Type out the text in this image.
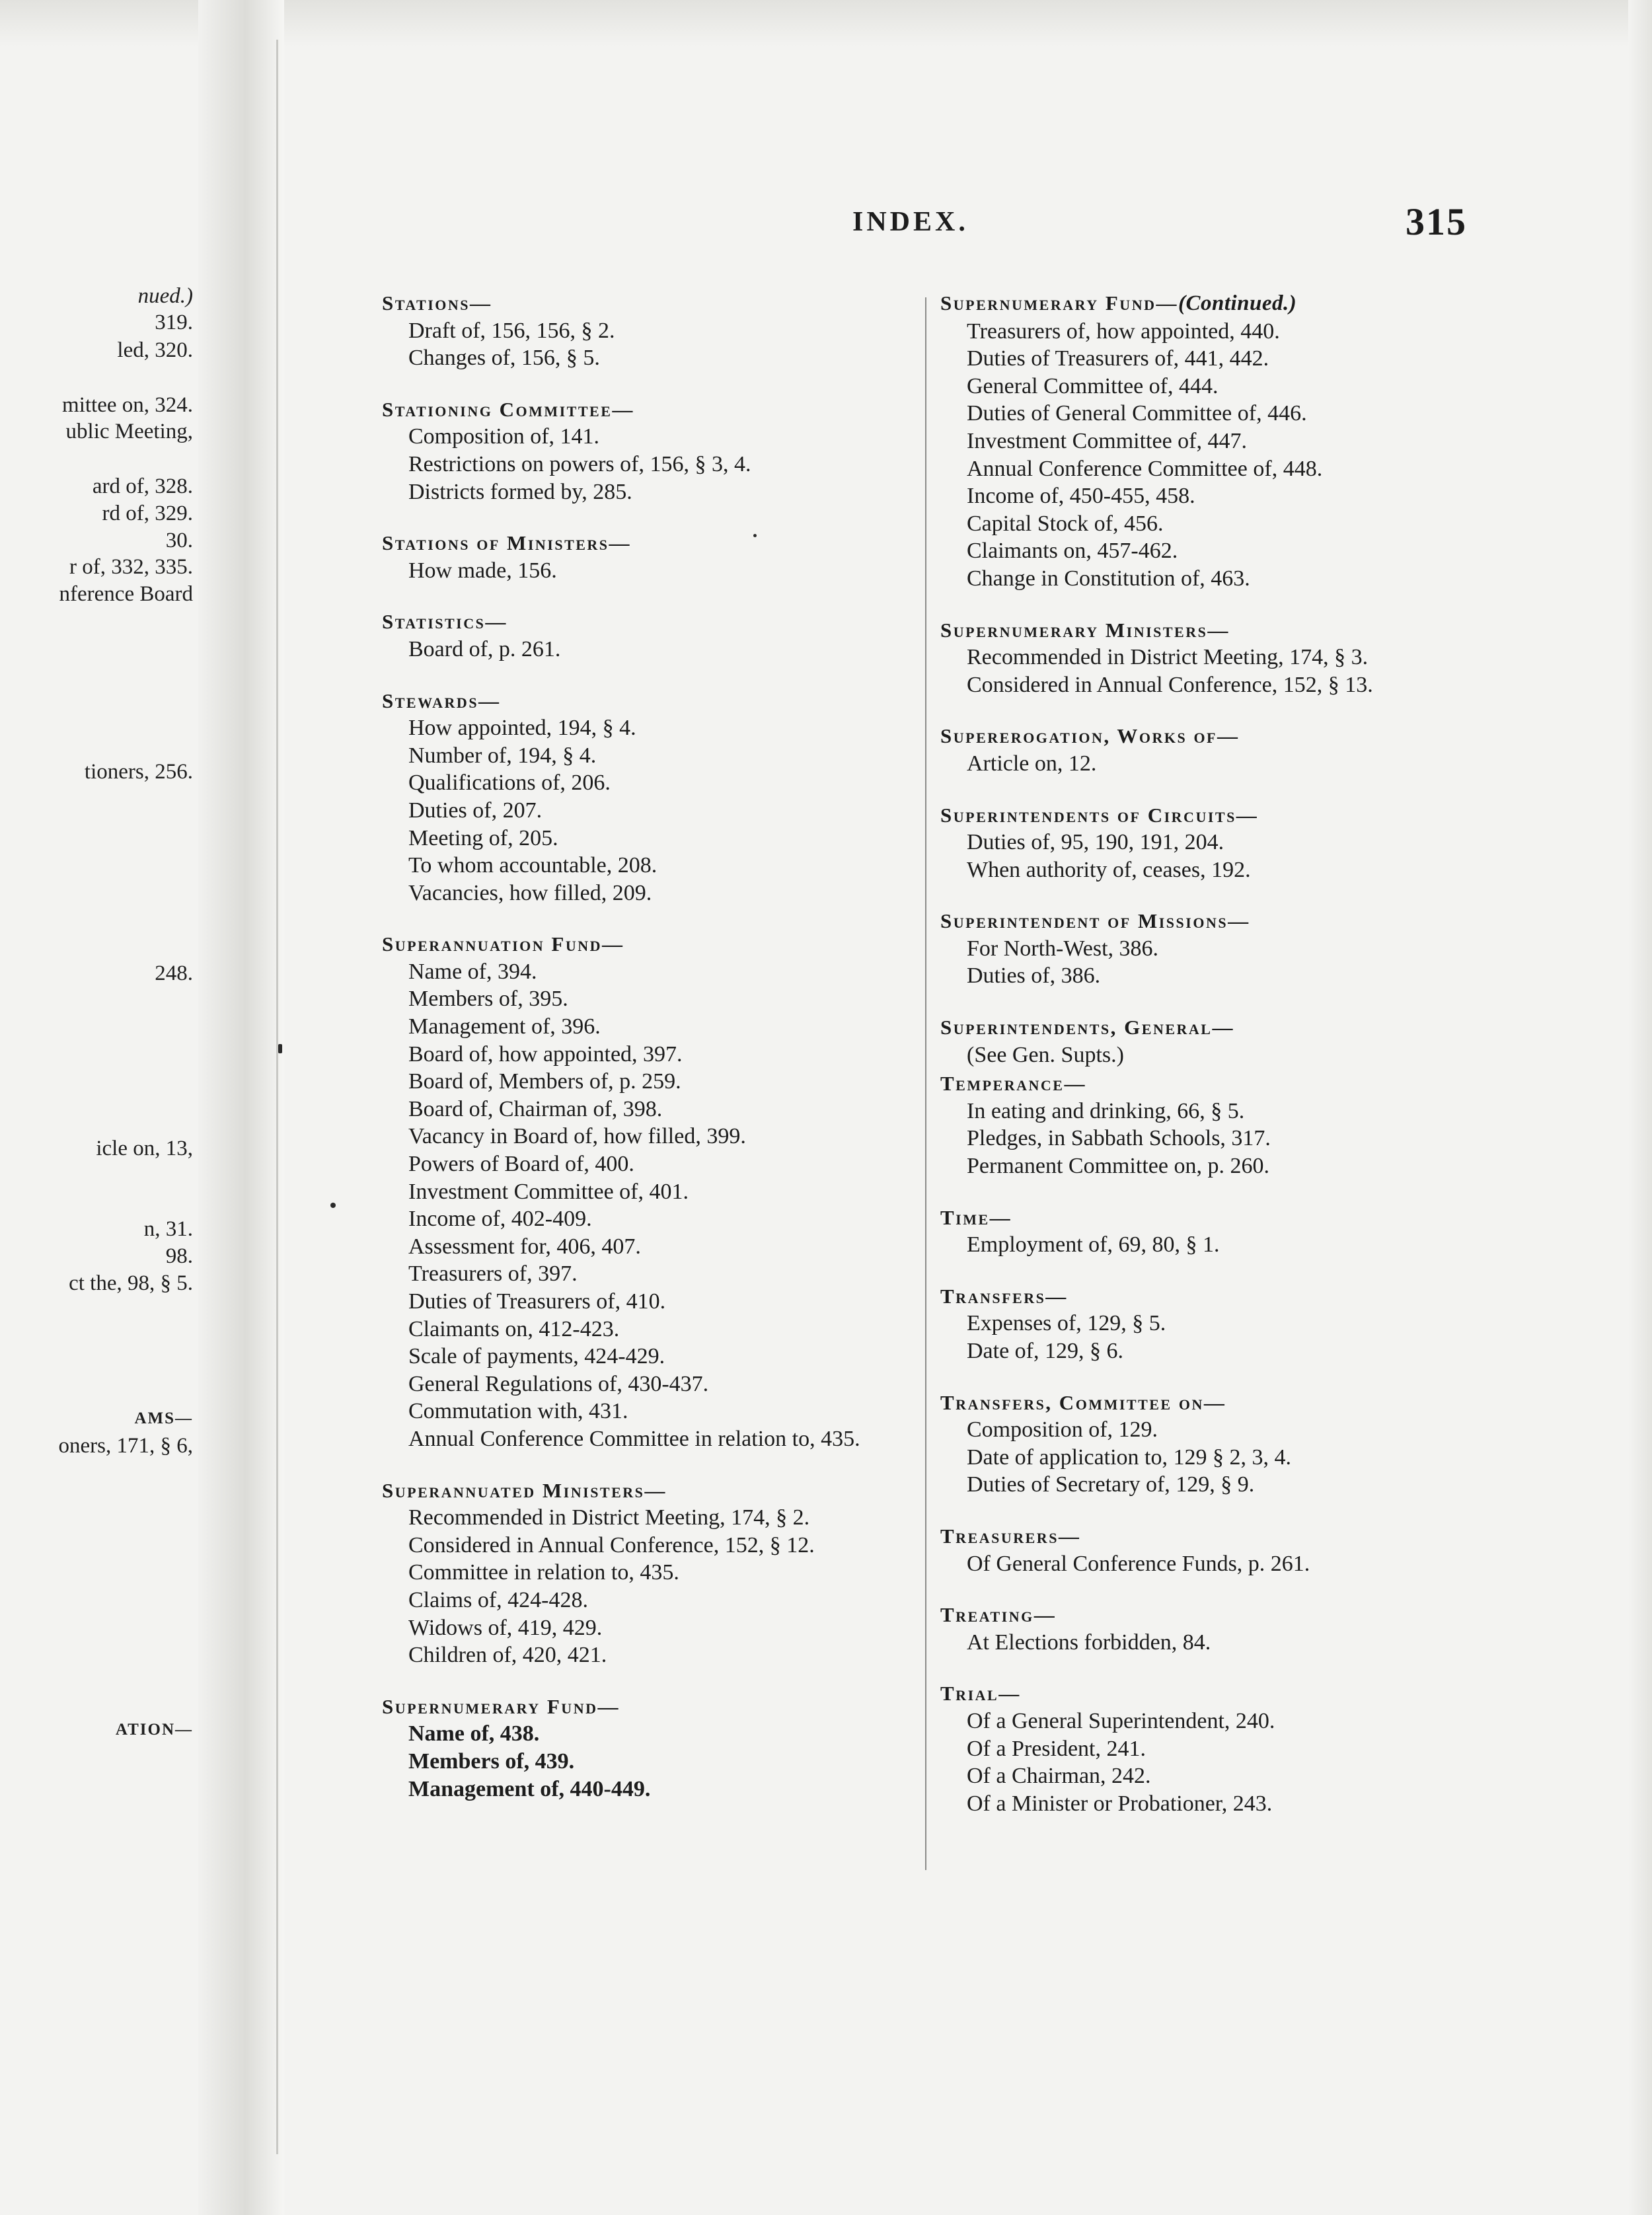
nued.)
319.
led, 320.
mittee on, 324.
ublic Meeting,
ard of, 328.
rd of, 329.
30.
r of, 332, 335.
nference Board
tioners, 256.
248.
icle on, 13,
n, 31.
98.
ct the, 98, § 5.
AMS—
oners, 171, § 6,
ATION—
INDEX.	315
Stations—
Draft of, 156, 156, § 2.
Changes of, 156, § 5.
Stationing Committee—
Composition of, 141.
Restrictions on powers of, 156, § 3, 4.
Districts formed by, 285.
Stations of Ministers—
How made, 156.
Statistics—
Board of, p. 261.
Stewards—
How appointed, 194, § 4.
Number of, 194, § 4.
Qualifications of, 206.
Duties of, 207.
Meeting of, 205.
To whom accountable, 208.
Vacancies, how filled, 209.
Superannuation Fund—
Name of, 394.
Members of, 395.
Management of, 396.
Board of, how appointed, 397.
Board of, Members of, p. 259.
Board of, Chairman of, 398.
Vacancy in Board of, how filled, 399.
Powers of Board of, 400.
Investment Committee of, 401.
Income of, 402-409.
Assessment for, 406, 407.
Treasurers of, 397.
Duties of Treasurers of, 410.
Claimants on, 412-423.
Scale of payments, 424-429.
General Regulations of, 430-437.
Commutation with, 431.
Annual Conference Committee in relation to, 435.
Superannuated Ministers—
Recommended in District Meeting, 174, § 2.
Considered in Annual Conference, 152, § 12.
Committee in relation to, 435.
Claims of, 424-428.
Widows of, 419, 429.
Children of, 420, 421.
Supernumerary Fund—
Name of, 438.
Members of, 439.
Management of, 440-449.
Supernumerary Fund—(Continued.)
Treasurers of, how appointed, 440.
Duties of Treasurers of, 441, 442.
General Committee of, 444.
Duties of General Committee of, 446.
Investment Committee of, 447.
Annual Conference Committee of, 448.
Income of, 450-455, 458.
Capital Stock of, 456.
Claimants on, 457-462.
Change in Constitution of, 463.
Supernumerary Ministers—
Recommended in District Meeting, 174, § 3.
Considered in Annual Conference, 152, § 13.
Supererogation, Works of—
Article on, 12.
Superintendents of Circuits—
Duties of, 95, 190, 191, 204.
When authority of, ceases, 192.
Superintendent of Missions—
For North-West, 386.
Duties of, 386.
Superintendents, General—
(See Gen. Supts.)
Temperance—
In eating and drinking, 66, § 5.
Pledges, in Sabbath Schools, 317.
Permanent Committee on, p. 260.
Time—
Employment of, 69, 80, § 1.
Transfers—
Expenses of, 129, § 5.
Date of, 129, § 6.
Transfers, Committee on—
Composition of, 129.
Date of application to, 129 § 2, 3, 4.
Duties of Secretary of, 129, § 9.
Treasurers—
Of General Conference Funds, p. 261.
Treating—
At Elections forbidden, 84.
Trial—
Of a General Superintendent, 240.
Of a President, 241.
Of a Chairman, 242.
Of a Minister or Probationer, 243.
